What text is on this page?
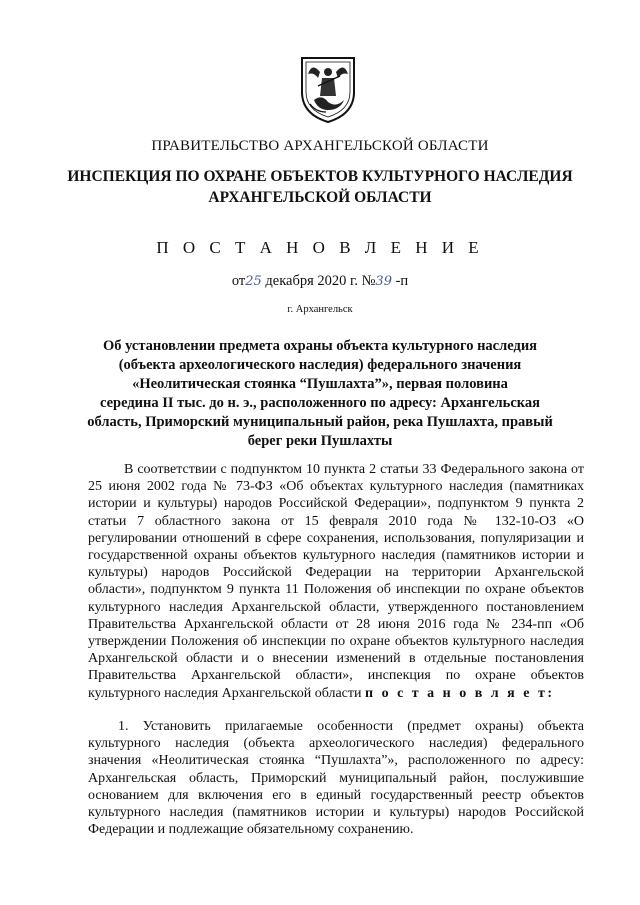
ПРАВИТЕЛЬСТВО АРХАНГЕЛЬСКОЙ ОБЛАСТИ
ИНСПЕКЦИЯ ПО ОХРАНЕ ОБЪЕКТОВ КУЛЬТУРНОГО НАСЛЕДИЯ
АРХАНГЕЛЬСКОЙ ОБЛАСТИ
П О С Т А Н О В Л Е Н И Е
от25 декабря 2020 г. №39 -п
г. Архангельск
Об установлении предмета охраны объекта культурного наследия
(объекта археологического наследия) федерального значения
«Неолитическая стоянка “Пушлахта”», первая половина
середина II тыс. до н. э., расположенного по адресу: Архангельская
область, Приморский муниципальный район, река Пушлахта, правый
берег реки Пушлахты
В соответствии с подпунктом 10 пункта 2 статьи 33 Федерального закона от 25 июня 2002 года № 73-ФЗ «Об объектах культурного наследия (памятниках истории и культуры) народов Российской Федерации», подпунктом 9 пункта 2 статьи 7 областного закона от 15 февраля 2010 года № 132-10-ОЗ «О регулировании отношений в сфере сохранения, использования, популяризации и государственной охраны объектов культурного наследия (памятников истории и культуры) народов Российской Федерации на территории Архангельской области», подпунктом 9 пункта 11 Положения об инспекции по охране объектов культурного наследия Архангельской области, утвержденного постановлением Правительства Архангельской области от 28 июня 2016 года № 234-пп «Об утверждении Положения об инспекции по охране объектов культурного наследия Архангельской области и о внесении изменений в отдельные постановления Правительства Архангельской области», инспекция по охране объектов культурного наследия Архангельской области п о с т а н о в л я е т:
1. Установить прилагаемые особенности (предмет охраны) объекта культурного наследия (объекта археологического наследия) федерального значения «Неолитическая стоянка “Пушлахта”», расположенного по адресу: Архангельская область, Приморский муниципальный район, послужившие основанием для включения его в единый государственный реестр объектов культурного наследия (памятников истории и культуры) народов Российской Федерации и подлежащие обязательному сохранению.
